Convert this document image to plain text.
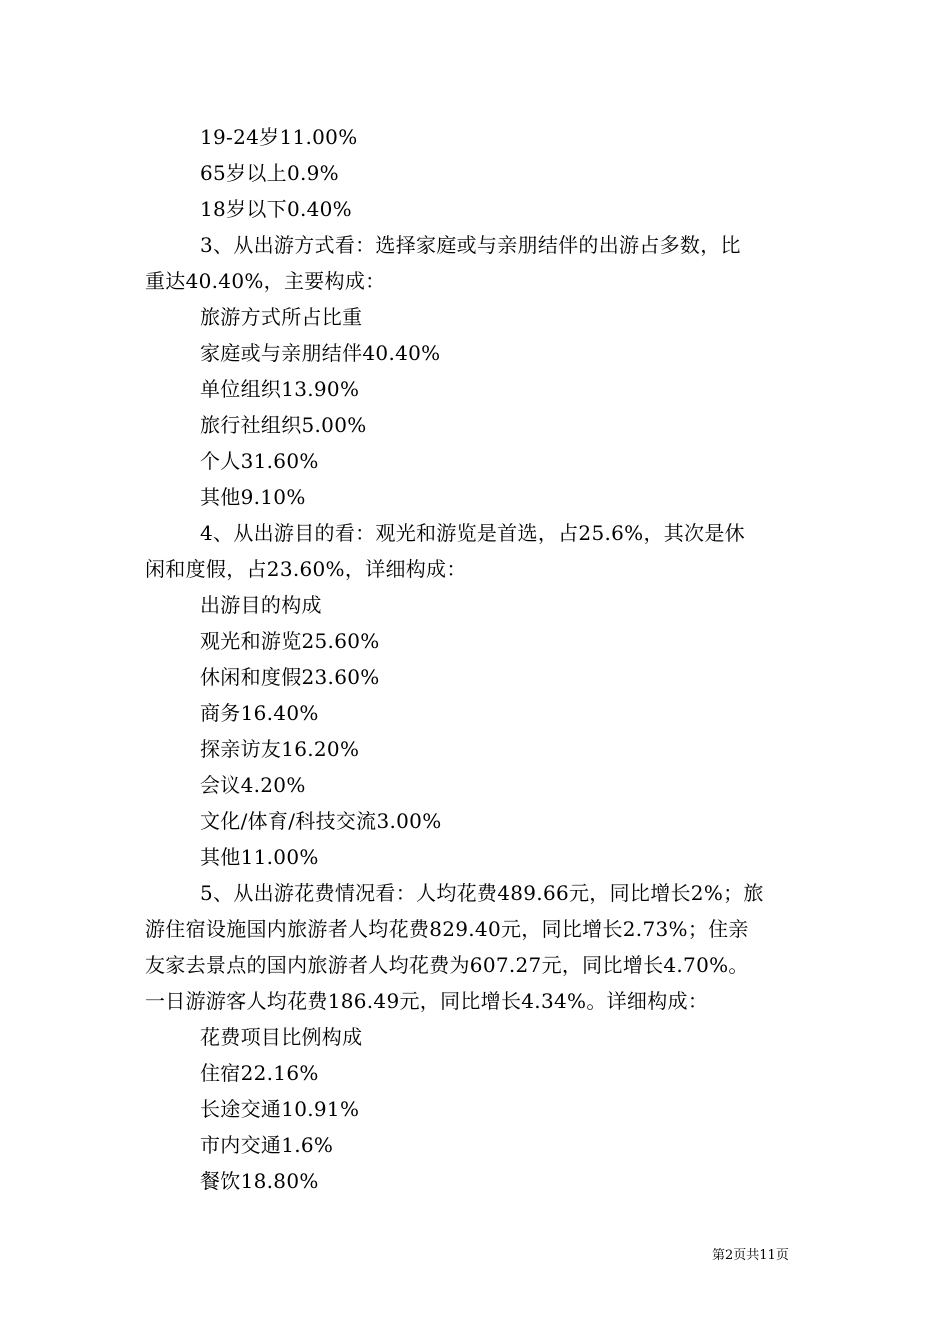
19-24岁11.00%
65岁以上0.9%
18岁以下0.40%
3、从出游方式看：选择家庭或与亲朋结伴的出游占多数，比
重达40.40%，主要构成：
旅游方式所占比重
家庭或与亲朋结伴40.40%
单位组织13.90%
旅行社组织5.00%
个人31.60%
其他9.10%
4、从出游目的看：观光和游览是首选，占25.6%，其次是休
闲和度假，占23.60%，详细构成：
出游目的构成
观光和游览25.60%
休闲和度假23.60%
商务16.40%
探亲访友16.20%
会议4.20%
文化/体育/科技交流3.00%
其他11.00%
5、从出游花费情况看：人均花费489.66元，同比增长2%；旅
游住宿设施国内旅游者人均花费829.40元，同比增长2.73%；住亲
友家去景点的国内旅游者人均花费为607.27元，同比增长4.70%。
一日游游客人均花费186.49元，同比增长4.34%。详细构成：
花费项目比例构成
住宿22.16%
长途交通10.91%
市内交通1.6%
餐饮18.80%
第2页共11页
